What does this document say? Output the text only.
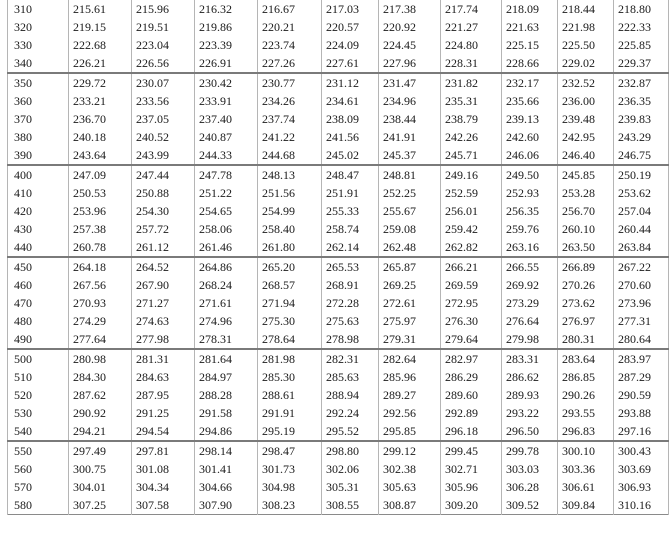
310	215.61	215.96	216.32	216.67	217.03	217.38	217.74	218.09	218.44	218.80
320	219.15	219.51	219.86	220.21	220.57	220.92	221.27	221.63	221.98	222.33
330	222.68	223.04	223.39	223.74	224.09	224.45	224.80	225.15	225.50	225.85
340	226.21	226.56	226.91	227.26	227.61	227.96	228.31	228.66	229.02	229.37
350	229.72	230.07	230.42	230.77	231.12	231.47	231.82	232.17	232.52	232.87
360	233.21	233.56	233.91	234.26	234.61	234.96	235.31	235.66	236.00	236.35
370	236.70	237.05	237.40	237.74	238.09	238.44	238.79	239.13	239.48	239.83
380	240.18	240.52	240.87	241.22	241.56	241.91	242.26	242.60	242.95	243.29
390	243.64	243.99	244.33	244.68	245.02	245.37	245.71	246.06	246.40	246.75
400	247.09	247.44	247.78	248.13	248.47	248.81	249.16	249.50	245.85	250.19
410	250.53	250.88	251.22	251.56	251.91	252.25	252.59	252.93	253.28	253.62
420	253.96	254.30	254.65	254.99	255.33	255.67	256.01	256.35	256.70	257.04
430	257.38	257.72	258.06	258.40	258.74	259.08	259.42	259.76	260.10	260.44
440	260.78	261.12	261.46	261.80	262.14	262.48	262.82	263.16	263.50	263.84
450	264.18	264.52	264.86	265.20	265.53	265.87	266.21	266.55	266.89	267.22
460	267.56	267.90	268.24	268.57	268.91	269.25	269.59	269.92	270.26	270.60
470	270.93	271.27	271.61	271.94	272.28	272.61	272.95	273.29	273.62	273.96
480	274.29	274.63	274.96	275.30	275.63	275.97	276.30	276.64	276.97	277.31
490	277.64	277.98	278.31	278.64	278.98	279.31	279.64	279.98	280.31	280.64
500	280.98	281.31	281.64	281.98	282.31	282.64	282.97	283.31	283.64	283.97
510	284.30	284.63	284.97	285.30	285.63	285.96	286.29	286.62	286.85	287.29
520	287.62	287.95	288.28	288.61	288.94	289.27	289.60	289.93	290.26	290.59
530	290.92	291.25	291.58	291.91	292.24	292.56	292.89	293.22	293.55	293.88
540	294.21	294.54	294.86	295.19	295.52	295.85	296.18	296.50	296.83	297.16
550	297.49	297.81	298.14	298.47	298.80	299.12	299.45	299.78	300.10	300.43
560	300.75	301.08	301.41	301.73	302.06	302.38	302.71	303.03	303.36	303.69
570	304.01	304.34	304.66	304.98	305.31	305.63	305.96	306.28	306.61	306.93
580	307.25	307.58	307.90	308.23	308.55	308.87	309.20	309.52	309.84	310.16
